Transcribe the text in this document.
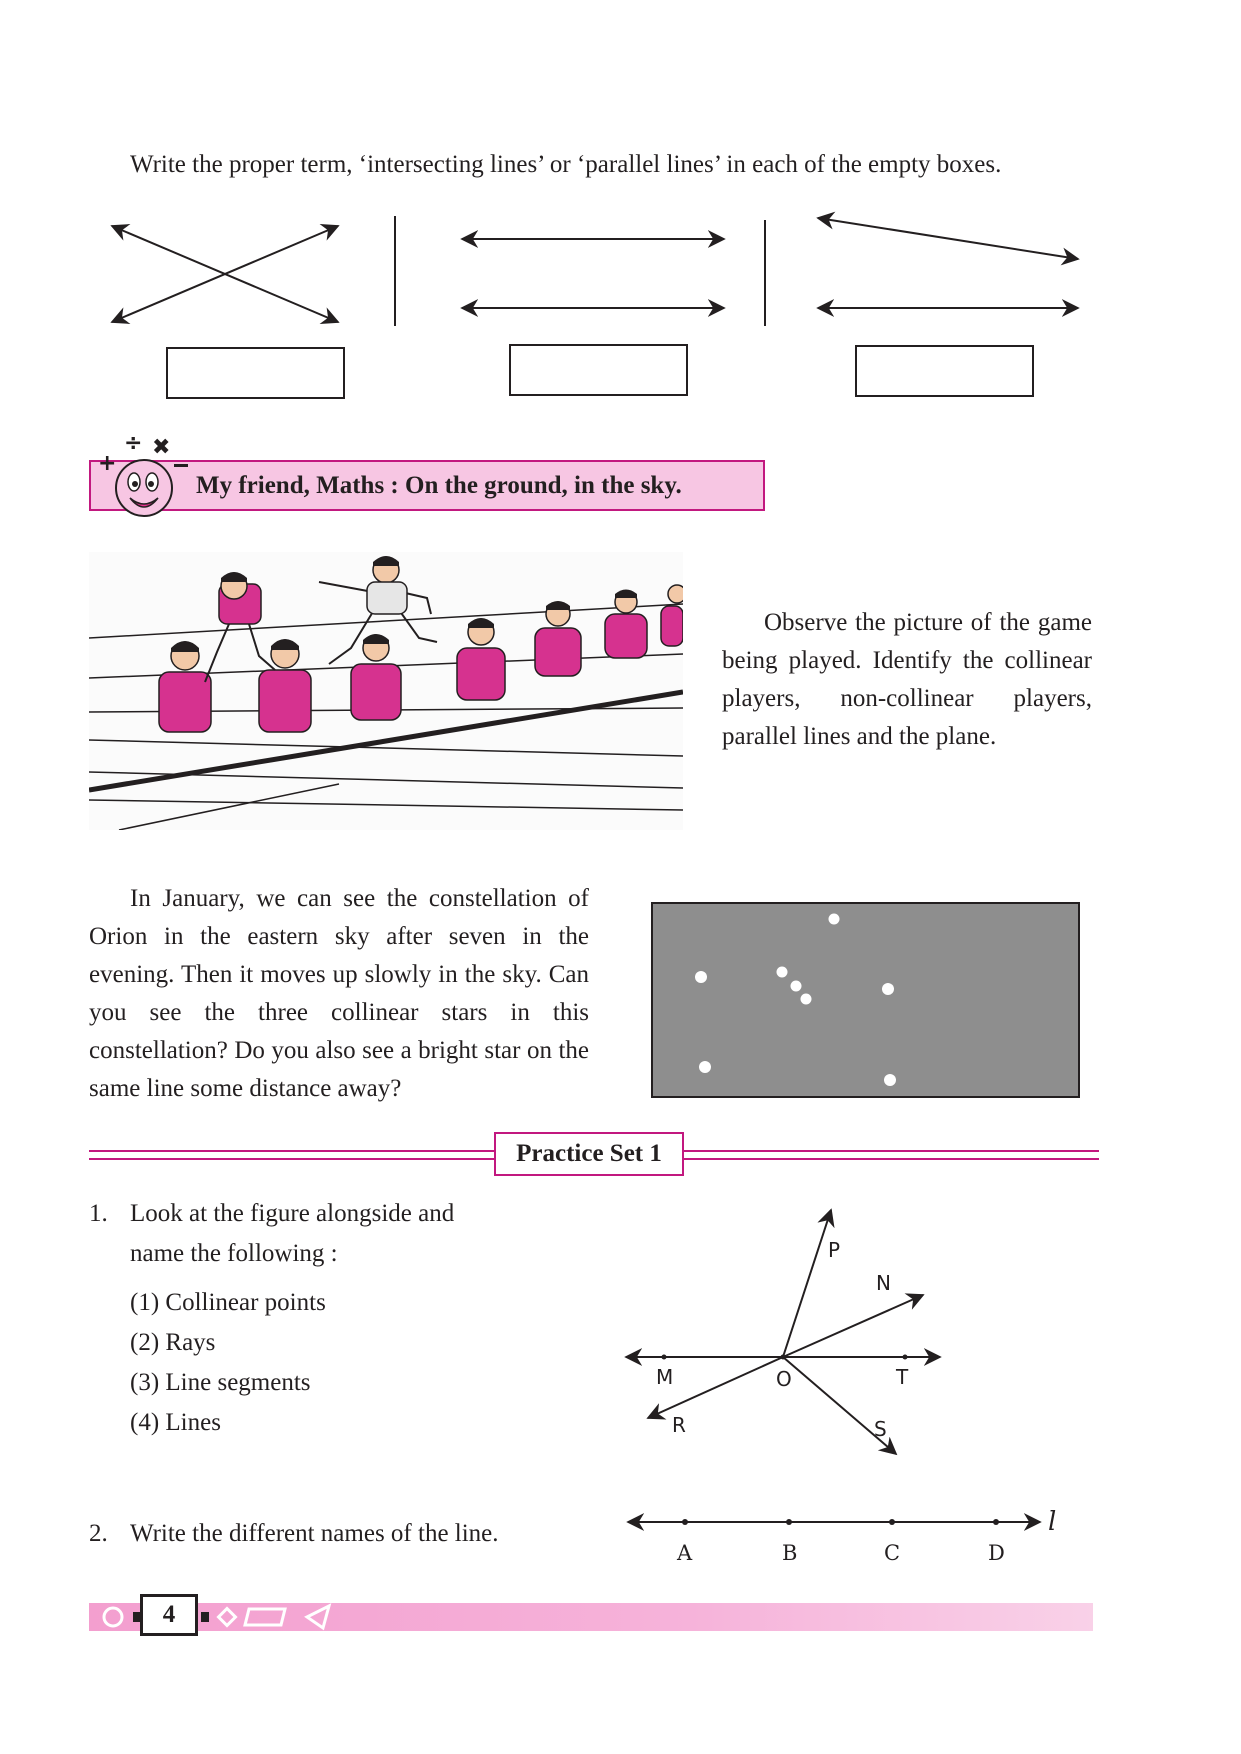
Write the proper term, ‘intersecting lines’ or ‘parallel lines’ in each of the empty boxes.
My friend, Maths : On the ground, in the sky.
÷ ✖
+
Observe the picture of the game being played. Identify the collinear players, non-collinear players, parallel lines and the plane.
In January, we can see the constellation of Orion in the eastern sky after seven in the evening. Then it moves up slowly in the sky. Can you see the three collinear stars in this constellation? Do you also see a bright star on the same line some distance away?
Practice Set 1
1. Look at the figure alongside and
name the following :
(1) Collinear points
(2) Rays
(3) Line segments
(4) Lines
P
N
M	O	T
R	S
2. Write the different names of the line.
A	B	C	D
l
4
